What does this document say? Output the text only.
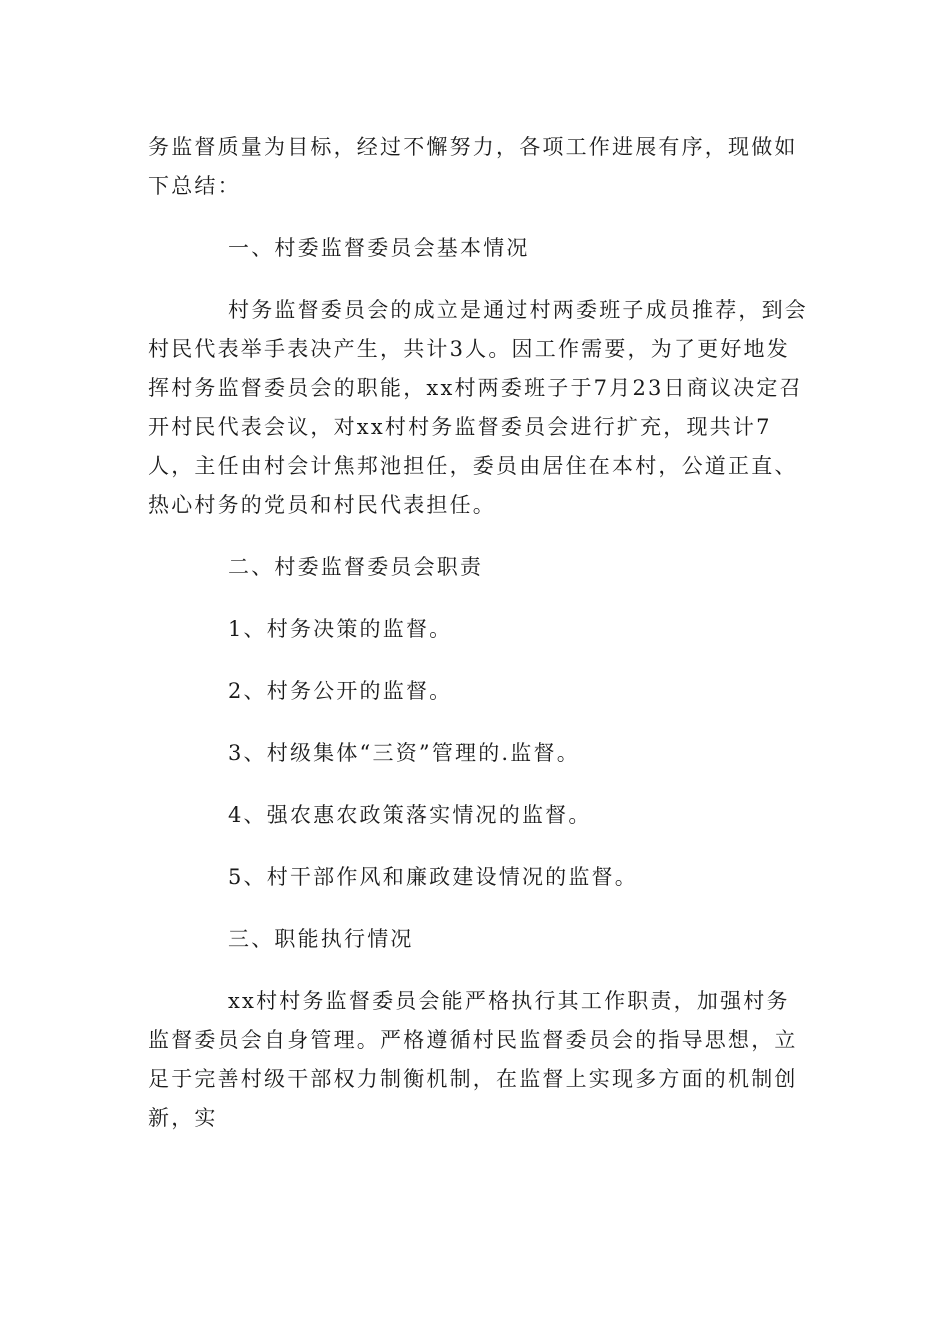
务监督质量为目标，经过不懈努力，各项工作进展有序，现做如下总结：

一、村委监督委员会基本情况

村务监督委员会的成立是通过村两委班子成员推荐，到会村民代表举手表决产生，共计3人。因工作需要，为了更好地发挥村务监督委员会的职能，xx村两委班子于7月23日商议决定召开村民代表会议，对xx村村务监督委员会进行扩充，现共计7人，主任由村会计焦邦池担任，委员由居住在本村，公道正直、热心村务的党员和村民代表担任。

二、村委监督委员会职责

1、村务决策的监督。

2、村务公开的监督。

3、村级集体“三资”管理的.监督。

4、强农惠农政策落实情况的监督。

5、村干部作风和廉政建设情况的监督。

三、职能执行情况

xx村村务监督委员会能严格执行其工作职责，加强村务监督委员会自身管理。严格遵循村民监督委员会的指导思想，立足于完善村级干部权力制衡机制，在监督上实现多方面的机制创新，实
